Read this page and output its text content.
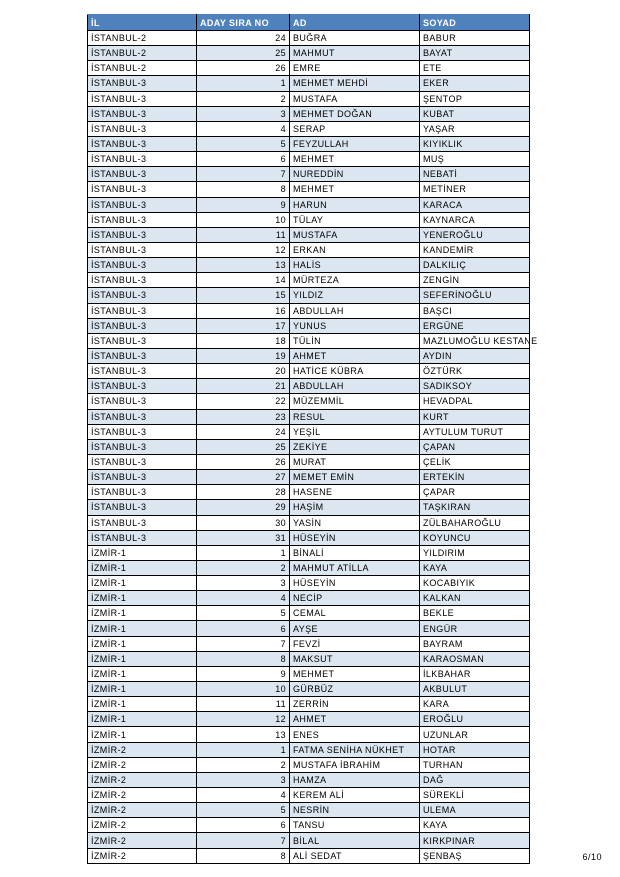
İL	ADAY SIRA NO	AD	SOYAD
İSTANBUL-2	24	BUĞRA	BABUR
İSTANBUL-2	25	MAHMUT	BAYAT
İSTANBUL-2	26	EMRE	ETE
İSTANBUL-3	1	MEHMET MEHDİ	EKER
İSTANBUL-3	2	MUSTAFA	ŞENTOP
İSTANBUL-3	3	MEHMET DOĞAN	KUBAT
İSTANBUL-3	4	SERAP	YAŞAR
İSTANBUL-3	5	FEYZULLAH	KIYIKLIK
İSTANBUL-3	6	MEHMET	MUŞ
İSTANBUL-3	7	NUREDDİN	NEBATİ
İSTANBUL-3	8	MEHMET	METİNER
İSTANBUL-3	9	HARUN	KARACA
İSTANBUL-3	10	TÜLAY	KAYNARCA
İSTANBUL-3	11	MUSTAFA	YENEROĞLU
İSTANBUL-3	12	ERKAN	KANDEMİR
İSTANBUL-3	13	HALİS	DALKILIÇ
İSTANBUL-3	14	MÜRTEZA	ZENGİN
İSTANBUL-3	15	YILDIZ	SEFERİNOĞLU
İSTANBUL-3	16	ABDULLAH	BAŞCI
İSTANBUL-3	17	YUNUS	ERGÜNE
İSTANBUL-3	18	TÜLİN	MAZLUMOĞLU KESTANE
İSTANBUL-3	19	AHMET	AYDIN
İSTANBUL-3	20	HATİCE KÜBRA	ÖZTÜRK
İSTANBUL-3	21	ABDULLAH	SADIKSOY
İSTANBUL-3	22	MÜZEMMİL	HEVADPAL
İSTANBUL-3	23	RESUL	KURT
İSTANBUL-3	24	YEŞİL	AYTULUM TURUT
İSTANBUL-3	25	ZEKİYE	ÇAPAN
İSTANBUL-3	26	MURAT	ÇELİK
İSTANBUL-3	27	MEMET EMİN	ERTEKİN
İSTANBUL-3	28	HASENE	ÇAPAR
İSTANBUL-3	29	HAŞİM	TAŞKIRAN
İSTANBUL-3	30	YASİN	ZÜLBAHAROĞLU
İSTANBUL-3	31	HÜSEYİN	KOYUNCU
İZMİR-1	1	BİNALİ	YILDIRIM
İZMİR-1	2	MAHMUT ATİLLA	KAYA
İZMİR-1	3	HÜSEYİN	KOCABIYIK
İZMİR-1	4	NECİP	KALKAN
İZMİR-1	5	CEMAL	BEKLE
İZMİR-1	6	AYŞE	ENGÜR
İZMİR-1	7	FEVZİ	BAYRAM
İZMİR-1	8	MAKSUT	KARAOSMAN
İZMİR-1	9	MEHMET	İLKBAHAR
İZMİR-1	10	GÜRBÜZ	AKBULUT
İZMİR-1	11	ZERRİN	KARA
İZMİR-1	12	AHMET	EROĞLU
İZMİR-1	13	ENES	UZUNLAR
İZMİR-2	1	FATMA SENİHA NÜKHET	HOTAR
İZMİR-2	2	MUSTAFA İBRAHİM	TURHAN
İZMİR-2	3	HAMZA	DAĞ
İZMİR-2	4	KEREM ALİ	SÜREKLİ
İZMİR-2	5	NESRİN	ULEMA
İZMİR-2	6	TANSU	KAYA
İZMİR-2	7	BİLAL	KIRKPINAR
İZMİR-2	8	ALİ SEDAT	ŞENBAŞ	6/10
